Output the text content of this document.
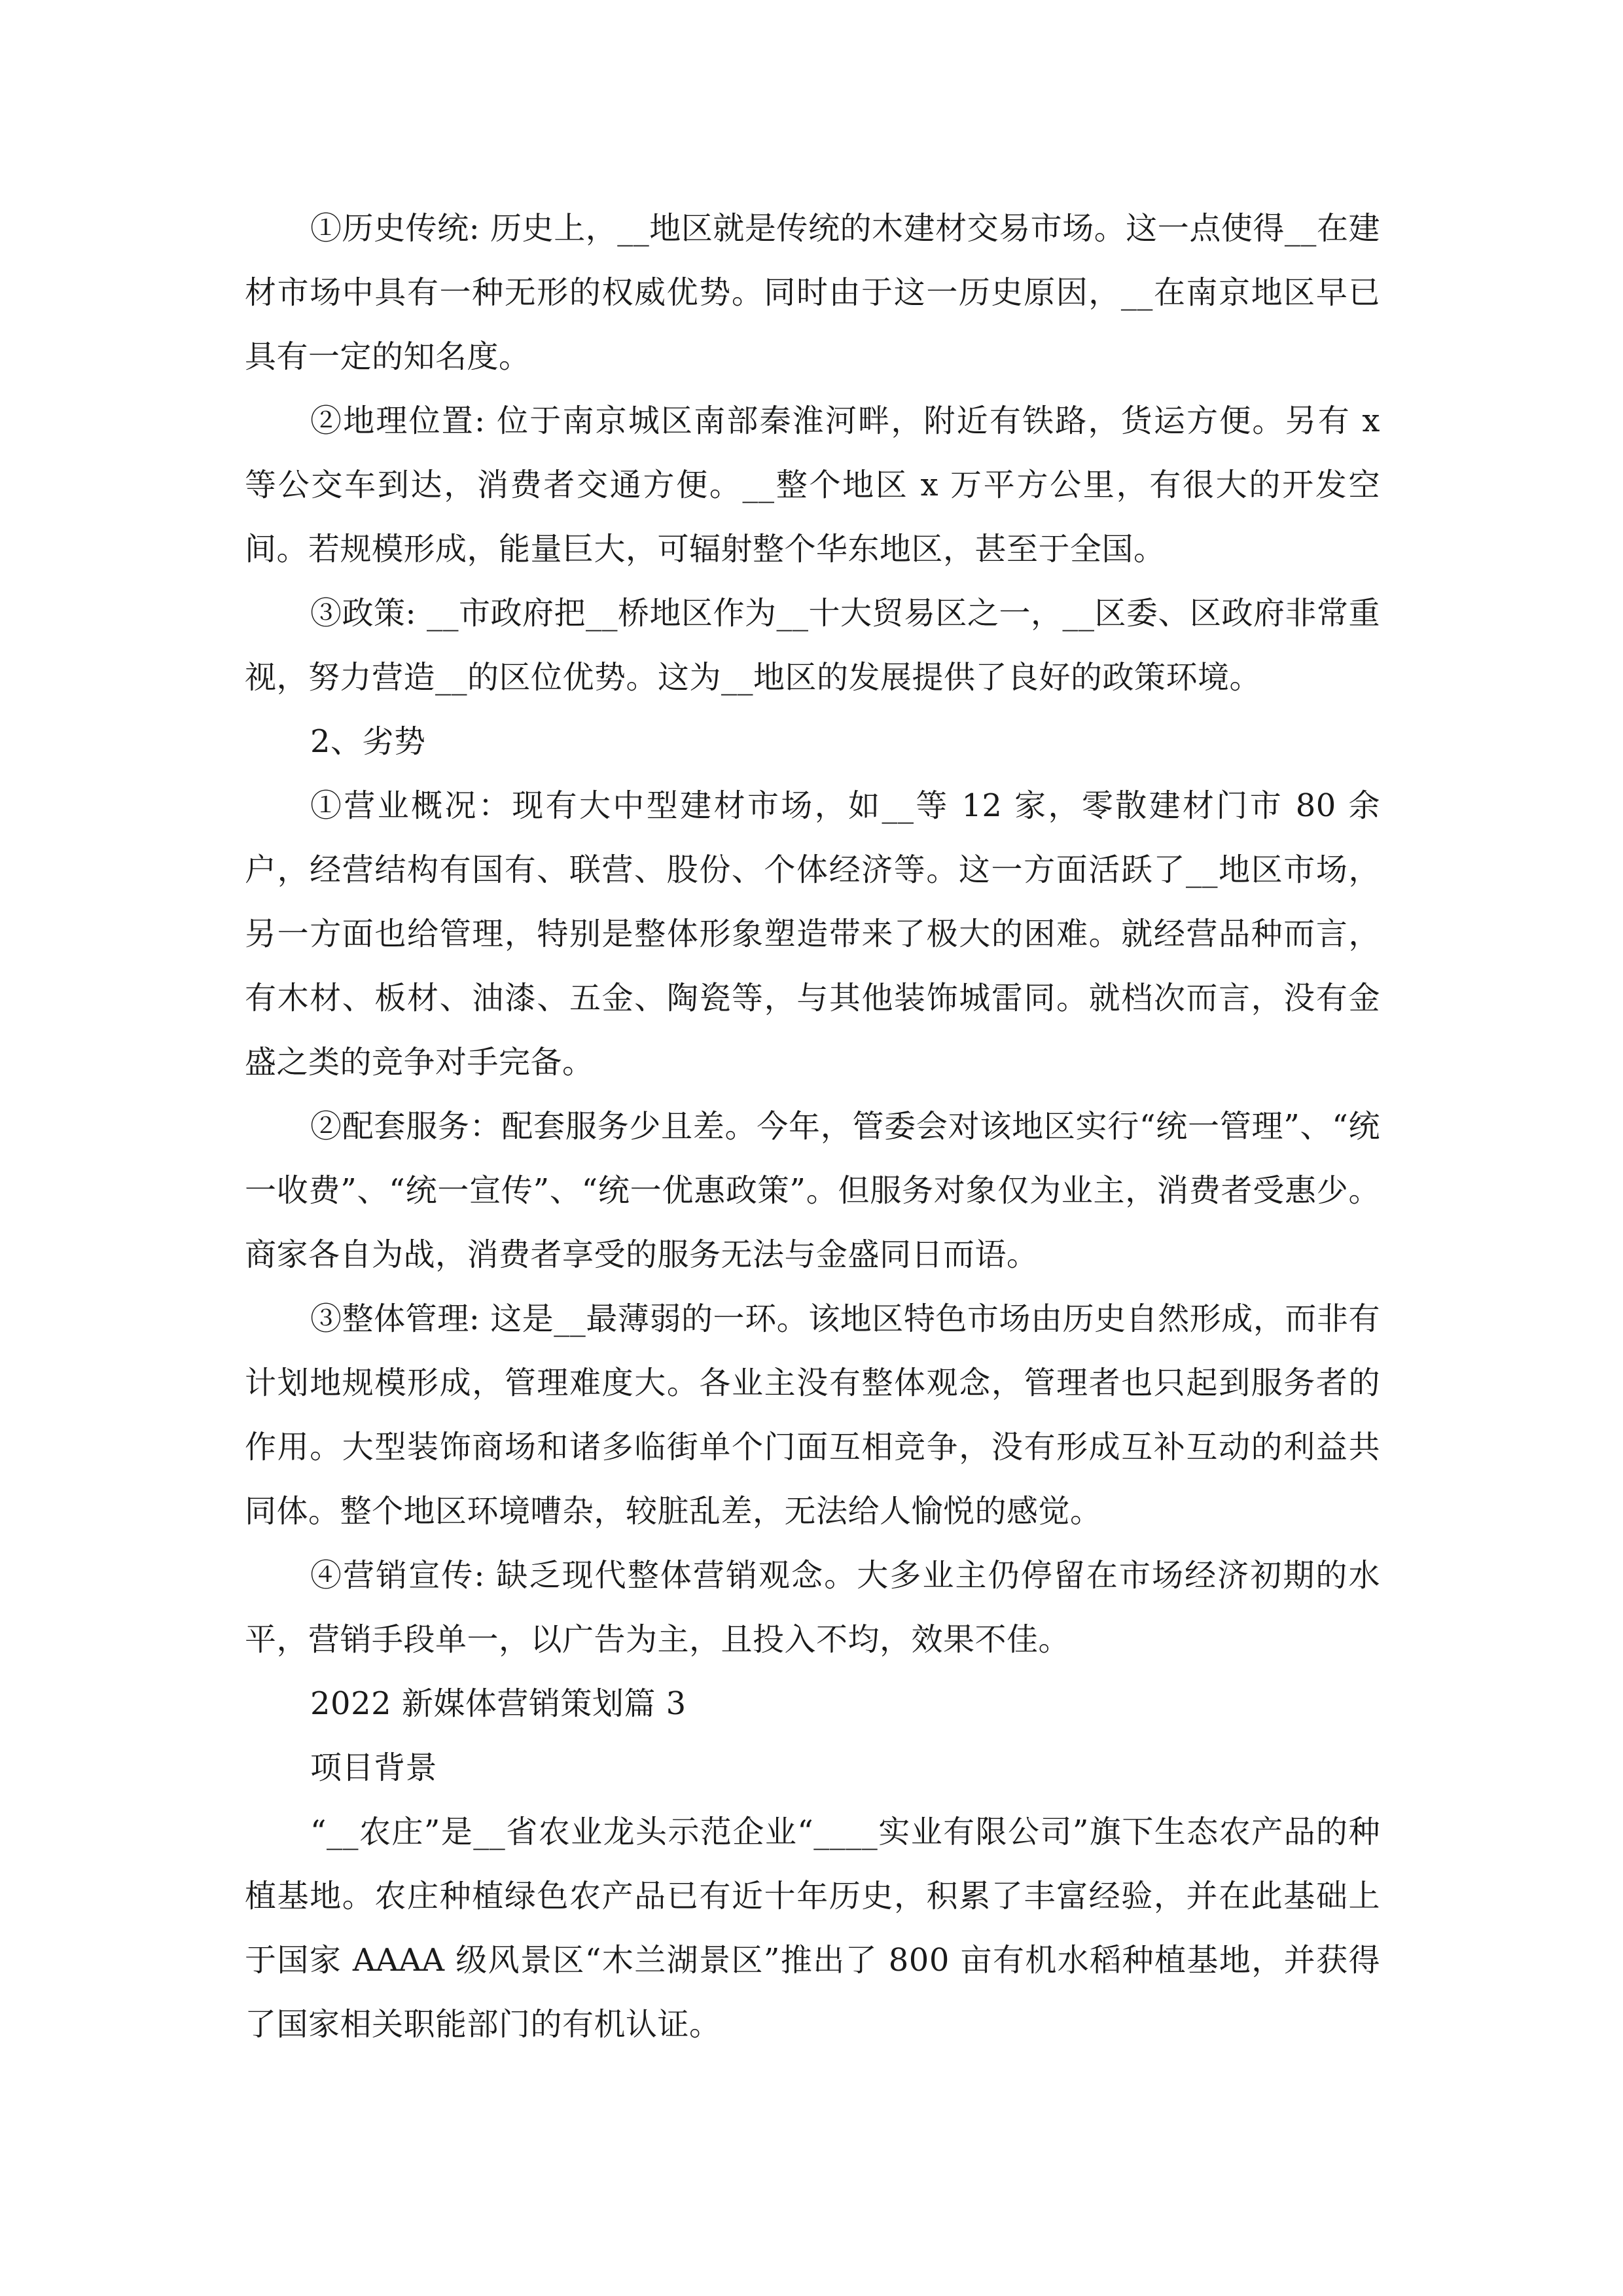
①历史传统: 历史上，__地区就是传统的木建材交易市场。这一点使得__在建材市场中具有一种无形的权威优势。同时由于这一历史原因，__在南京地区早已具有一定的知名度。

②地理位置: 位于南京城区南部秦淮河畔，附近有铁路，货运方便。另有 x 等公交车到达，消费者交通方便。__整个地区 x 万平方公里，有很大的开发空间。若规模形成，能量巨大，可辐射整个华东地区，甚至于全国。

③政策: __市政府把__桥地区作为__十大贸易区之一，__区委、区政府非常重视，努力营造__的区位优势。这为__地区的发展提供了良好的政策环境。

2、劣势

①营业概况：现有大中型建材市场，如__等 12 家，零散建材门市 80 余户，经营结构有国有、联营、股份、个体经济等。这一方面活跃了__地区市场，另一方面也给管理，特别是整体形象塑造带来了极大的困难。就经营品种而言，有木材、板材、油漆、五金、陶瓷等，与其他装饰城雷同。就档次而言，没有金盛之类的竞争对手完备。

②配套服务：配套服务少且差。今年，管委会对该地区实行“统一管理”、“统一收费”、“统一宣传”、“统一优惠政策”。但服务对象仅为业主，消费者受惠少。商家各自为战，消费者享受的服务无法与金盛同日而语。

③整体管理: 这是__最薄弱的一环。该地区特色市场由历史自然形成，而非有计划地规模形成，管理难度大。各业主没有整体观念，管理者也只起到服务者的作用。大型装饰商场和诸多临街单个门面互相竞争，没有形成互补互动的利益共同体。整个地区环境嘈杂，较脏乱差，无法给人愉悦的感觉。

④营销宣传: 缺乏现代整体营销观念。大多业主仍停留在市场经济初期的水平，营销手段单一，以广告为主，且投入不均，效果不佳。

2022 新媒体营销策划篇 3

项目背景

“__农庄”是__省农业龙头示范企业“____实业有限公司”旗下生态农产品的种植基地。农庄种植绿色农产品已有近十年历史，积累了丰富经验，并在此基础上于国家 AAAA 级风景区“木兰湖景区”推出了 800 亩有机水稻种植基地，并获得了国家相关职能部门的有机认证。
